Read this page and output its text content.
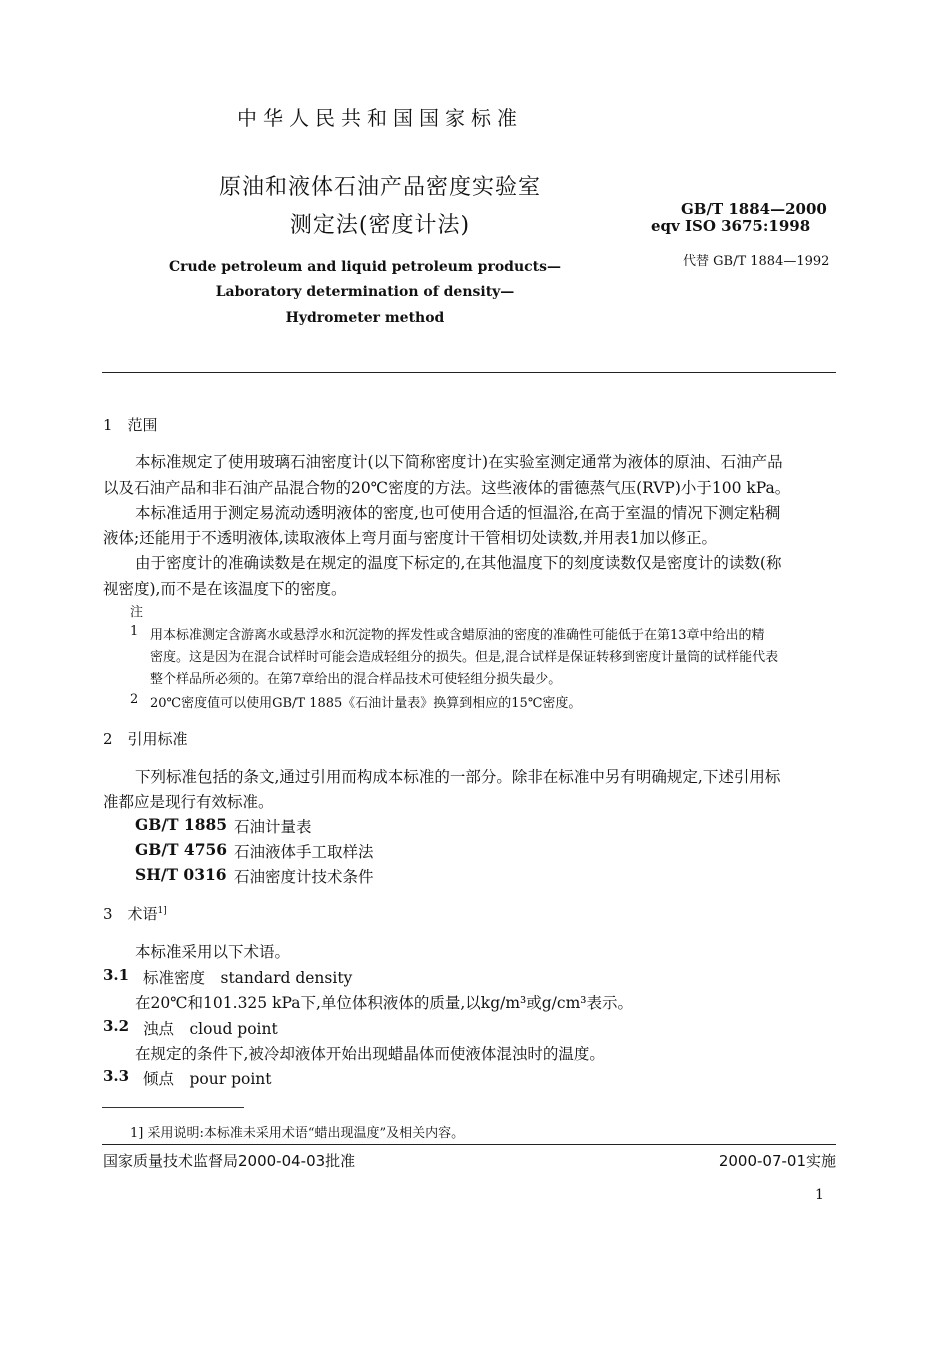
中华人民共和国国家标准
原油和液体石油产品密度实验室
测定法(密度计法)
GB/T 1884—2000
eqv ISO 3675:1998
代替 GB/T 1884—1992
Crude petroleum and liquid petroleum products—
Laboratory determination of density—
Hydrometer method
1　范围
本标准规定了使用玻璃石油密度计(以下简称密度计)在实验室测定通常为液体的原油、石油产品
以及石油产品和非石油产品混合物的20℃密度的方法。这些液体的雷德蒸气压(RVP)小于100 kPa。
本标准适用于测定易流动透明液体的密度,也可使用合适的恒温浴,在高于室温的情况下测定粘稠
液体;还能用于不透明液体,读取液体上弯月面与密度计干管相切处读数,并用表1加以修正。
由于密度计的准确读数是在规定的温度下标定的,在其他温度下的刻度读数仅是密度计的读数(称
视密度),而不是在该温度下的密度。
注
1 用本标准测定含游离水或悬浮水和沉淀物的挥发性或含蜡原油的密度的准确性可能低于在第13章中给出的精
密度。这是因为在混合试样时可能会造成轻组分的损失。但是,混合试样是保证转移到密度计量筒的试样能代表
整个样品所必须的。在第7章给出的混合样品技术可使轻组分损失最少。
2 20℃密度值可以使用GB/T 1885《石油计量表》换算到相应的15℃密度。
2　引用标准
下列标准包括的条文,通过引用而构成本标准的一部分。除非在标准中另有明确规定,下述引用标
准都应是现行有效标准。
GB/T 1885 石油计量表
GB/T 4756 石油液体手工取样法
SH/T 0316 石油密度计技术条件
3　术语$^{1]}$
本标准采用以下术语。
3.1 标准密度　standard density
在20℃和101.325 kPa下,单位体积液体的质量,以kg/m³或g/cm³表示。
3.2 浊点　cloud point
在规定的条件下,被冷却液体开始出现蜡晶体而使液体混浊时的温度。
3.3 倾点　pour point
1] 采用说明:本标准未采用术语“蜡出现温度”及相关内容。
国家质量技术监督局2000-04-03批准	2000-07-01实施
1
